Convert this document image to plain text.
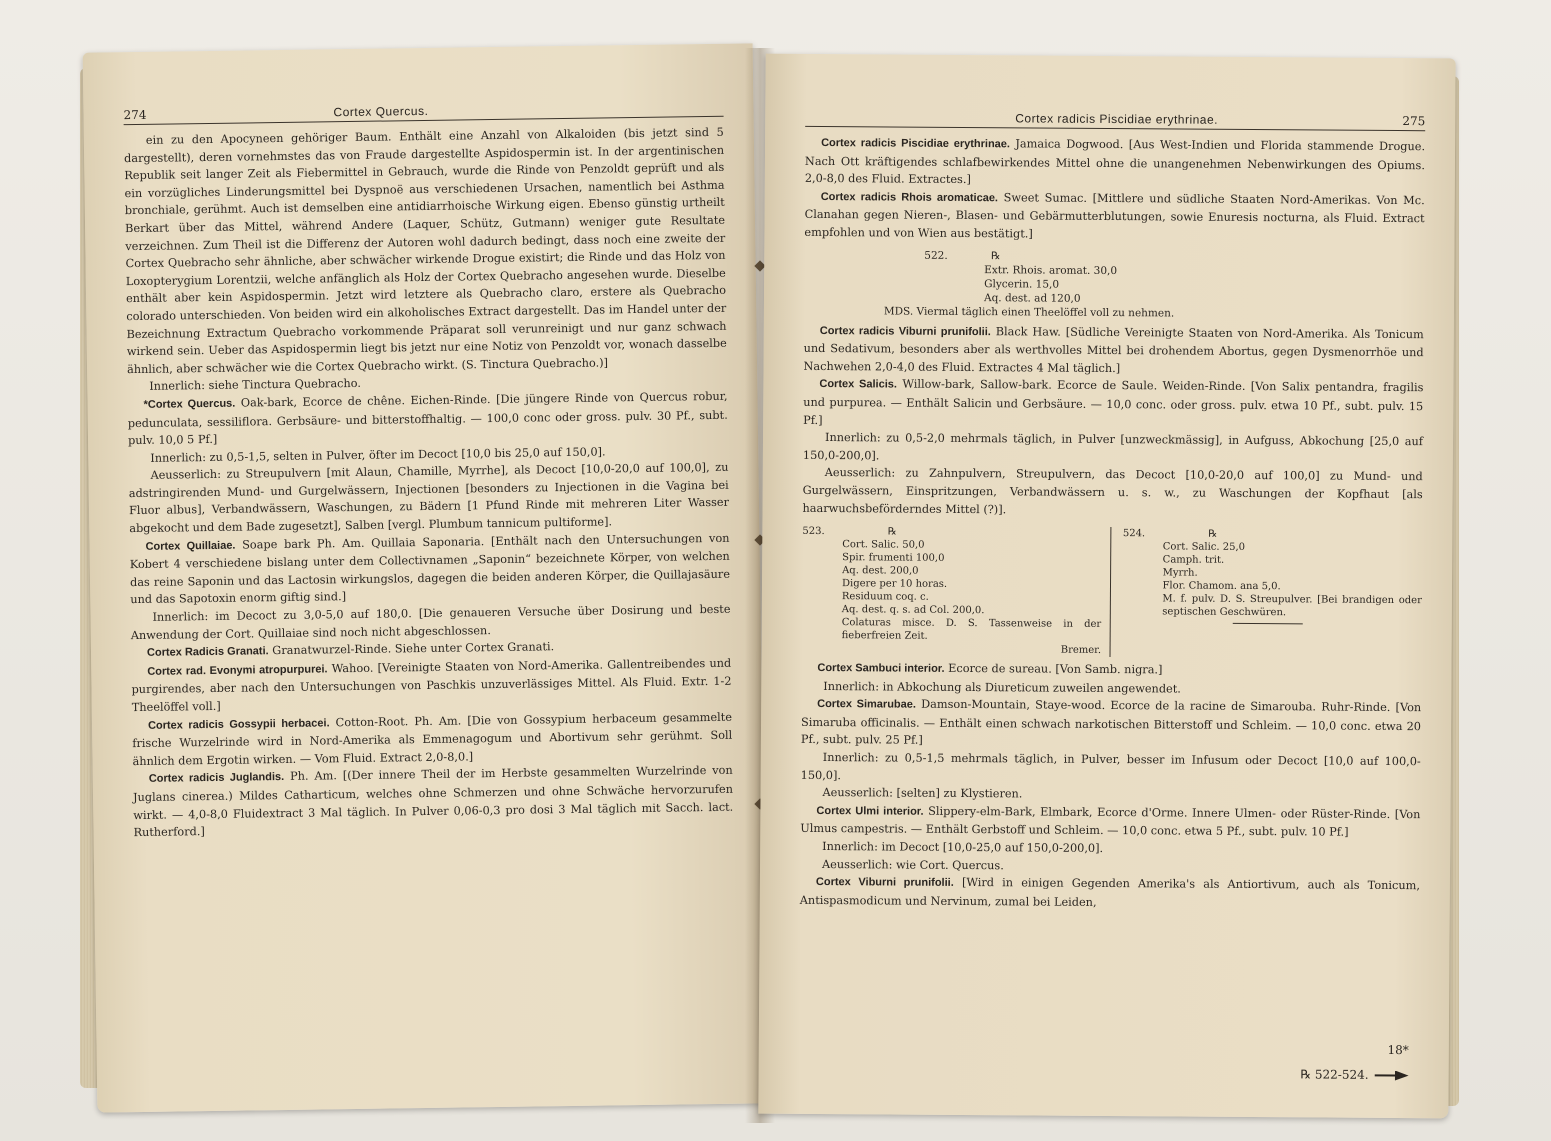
274	Cortex Quercus.

ein zu den Apocyneen gehöriger Baum. Enthält eine Anzahl von Alkaloiden (bis jetzt sind 5 dargestellt), deren vornehmstes das von Fraude dargestellte Aspidospermin ist. In der argentinischen Republik seit langer Zeit als Fiebermittel in Gebrauch, wurde die Rinde von Penzoldt geprüft und als ein vorzügliches Linderungsmittel bei Dyspnoë aus verschiedenen Ursachen, namentlich bei Asthma bronchiale, gerühmt. Auch ist demselben eine antidiarrhoische Wirkung eigen. Ebenso günstig urtheilt Berkart über das Mittel, während Andere (Laquer, Schütz, Gutmann) weniger gute Resultate verzeichnen. Zum Theil ist die Differenz der Autoren wohl dadurch bedingt, dass noch eine zweite der Cortex Quebracho sehr ähnliche, aber schwächer wirkende Drogue existirt; die Rinde und das Holz von Loxopterygium Lorentzii, welche anfänglich als Holz der Cortex Quebracho angesehen wurde. Dieselbe enthält aber kein Aspidospermin. Jetzt wird letztere als Quebracho claro, erstere als Quebracho colorado unterschieden. Von beiden wird ein alkoholisches Extract dargestellt. Das im Handel unter der Bezeichnung Extractum Quebracho vorkommende Präparat soll verunreinigt und nur ganz schwach wirkend sein. Ueber das Aspidospermin liegt bis jetzt nur eine Notiz von Penzoldt vor, wonach dasselbe ähnlich, aber schwächer wie die Cortex Quebracho wirkt. (S. Tinctura Quebracho.)]

Innerlich: siehe Tinctura Quebracho.

*Cortex Quercus. Oak-bark, Ecorce de chêne. Eichen-Rinde. [Die jüngere Rinde von Quercus robur, pedunculata, sessiliflora. Gerbsäure- und bitterstoffhaltig. — 100,0 conc oder gross. pulv. 30 Pf., subt. pulv. 10,0 5 Pf.]

Innerlich: zu 0,5-1,5, selten in Pulver, öfter im Decoct [10,0 bis 25,0 auf 150,0].

Aeusserlich: zu Streupulvern [mit Alaun, Chamille, Myrrhe], als Decoct [10,0-20,0 auf 100,0], zu adstringirenden Mund- und Gurgelwässern, Injectionen [besonders zu Injectionen in die Vagina bei Fluor albus], Verbandwässern, Waschungen, zu Bädern [1 Pfund Rinde mit mehreren Liter Wasser abgekocht und dem Bade zugesetzt], Salben [vergl. Plumbum tannicum pultiforme].

Cortex Quillaiae. Soape bark Ph. Am. Quillaia Saponaria. [Enthält nach den Untersuchungen von Kobert 4 verschiedene bislang unter dem Collectivnamen „Saponin“ bezeichnete Körper, von welchen das reine Saponin und das Lactosin wirkungslos, dagegen die beiden anderen Körper, die Quillajasäure und das Sapotoxin enorm giftig sind.]

Innerlich: im Decoct zu 3,0-5,0 auf 180,0. [Die genaueren Versuche über Dosirung und beste Anwendung der Cort. Quillaiae sind noch nicht abgeschlossen.

Cortex Radicis Granati. Granatwurzel-Rinde. Siehe unter Cortex Granati.

Cortex rad. Evonymi atropurpurei. Wahoo. [Vereinigte Staaten von Nord-Amerika. Gallentreibendes und purgirendes, aber nach den Untersuchungen von Paschkis unzuverlässiges Mittel. Als Fluid. Extr. 1-2 Theelöffel voll.]

Cortex radicis Gossypii herbacei. Cotton-Root. Ph. Am. [Die von Gossypium herbaceum gesammelte frische Wurzelrinde wird in Nord-Amerika als Emmenagogum und Abortivum sehr gerühmt. Soll ähnlich dem Ergotin wirken. — Vom Fluid. Extract 2,0-8,0.]

Cortex radicis Juglandis. Ph. Am. [(Der innere Theil der im Herbste gesammelten Wurzelrinde von Juglans cinerea.) Mildes Catharticum, welches ohne Schmerzen und ohne Schwäche hervorzurufen wirkt. — 4,0-8,0 Fluidextract 3 Mal täglich. In Pulver 0,06-0,3 pro dosi 3 Mal täglich mit Sacch. lact. Rutherford.]

Cortex radicis Piscidiae erythrinae.	275

Cortex radicis Piscidiae erythrinae. Jamaica Dogwood. [Aus West-Indien und Florida stammende Drogue. Nach Ott kräftigendes schlafbewirkendes Mittel ohne die unangenehmen Nebenwirkungen des Opiums. 2,0-8,0 des Fluid. Extractes.]

Cortex radicis Rhois aromaticae. Sweet Sumac. [Mittlere und südliche Staaten Nord-Amerikas. Von Mc. Clanahan gegen Nieren-, Blasen- und Gebärmutterblutungen, sowie Enuresis nocturna, als Fluid. Extract empfohlen und von Wien aus bestätigt.]

522.	℞
Extr. Rhois. aromat. 30,0
Glycerin. 15,0
Aq. dest. ad 120,0
MDS. Viermal täglich einen Theelöffel voll zu nehmen.

Cortex radicis Viburni prunifolii. Black Haw. [Südliche Vereinigte Staaten von Nord-Amerika. Als Tonicum und Sedativum, besonders aber als werthvolles Mittel bei drohendem Abortus, gegen Dysmenorrhöe und Nachwehen 2,0-4,0 des Fluid. Extractes 4 Mal täglich.]

Cortex Salicis. Willow-bark, Sallow-bark. Ecorce de Saule. Weiden-Rinde. [Von Salix pentandra, fragilis und purpurea. — Enthält Salicin und Gerbsäure. — 10,0 conc. oder gross. pulv. etwa 10 Pf., subt. pulv. 15 Pf.]

Innerlich: zu 0,5-2,0 mehrmals täglich, in Pulver [unzweckmässig], in Aufguss, Abkochung [25,0 auf 150,0-200,0].

Aeusserlich: zu Zahnpulvern, Streupulvern, das Decoct [10,0-20,0 auf 100,0] zu Mund- und Gurgelwässern, Einspritzungen, Verbandwässern u. s. w., zu Waschungen der Kopfhaut [als haarwuchsbeförderndes Mittel (?)].

523.	℞
Cort. Salic. 50,0
Spir. frumenti 100,0
Aq. dest. 200,0
Digere per 10 horas.
Residuum coq. c.
Aq. dest. q. s. ad Col. 200,0.
Colaturas misce. D. S. Tassenweise in der fieberfreien Zeit.
Bremer.
524.	℞
Cort. Salic. 25,0
Camph. trit.
Myrrh.
Flor. Chamom. ana 5,0.
M. f. pulv. D. S. Streupulver. [Bei brandigen oder septischen Geschwüren.

Cortex Sambuci interior. Ecorce de sureau. [Von Samb. nigra.]

Innerlich: in Abkochung als Diureticum zuweilen angewendet.

Cortex Simarubae. Damson-Mountain, Staye-wood. Ecorce de la racine de Simarouba. Ruhr-Rinde. [Von Simaruba officinalis. — Enthält einen schwach narkotischen Bitterstoff und Schleim. — 10,0 conc. etwa 20 Pf., subt. pulv. 25 Pf.]

Innerlich: zu 0,5-1,5 mehrmals täglich, in Pulver, besser im Infusum oder Decoct [10,0 auf 100,0-150,0].

Aeusserlich: [selten] zu Klystieren.

Cortex Ulmi interior. Slippery-elm-Bark, Elmbark, Ecorce d'Orme. Innere Ulmen- oder Rüster-Rinde. [Von Ulmus campestris. — Enthält Gerbstoff und Schleim. — 10,0 conc. etwa 5 Pf., subt. pulv. 10 Pf.]

Innerlich: im Decoct [10,0-25,0 auf 150,0-200,0].

Aeusserlich: wie Cort. Quercus.

Cortex Viburni prunifolii. [Wird in einigen Gegenden Amerika's als Antiortivum, auch als Tonicum, Antispasmodicum und Nervinum, zumal bei Leiden,

18*
℞ 522-524.
